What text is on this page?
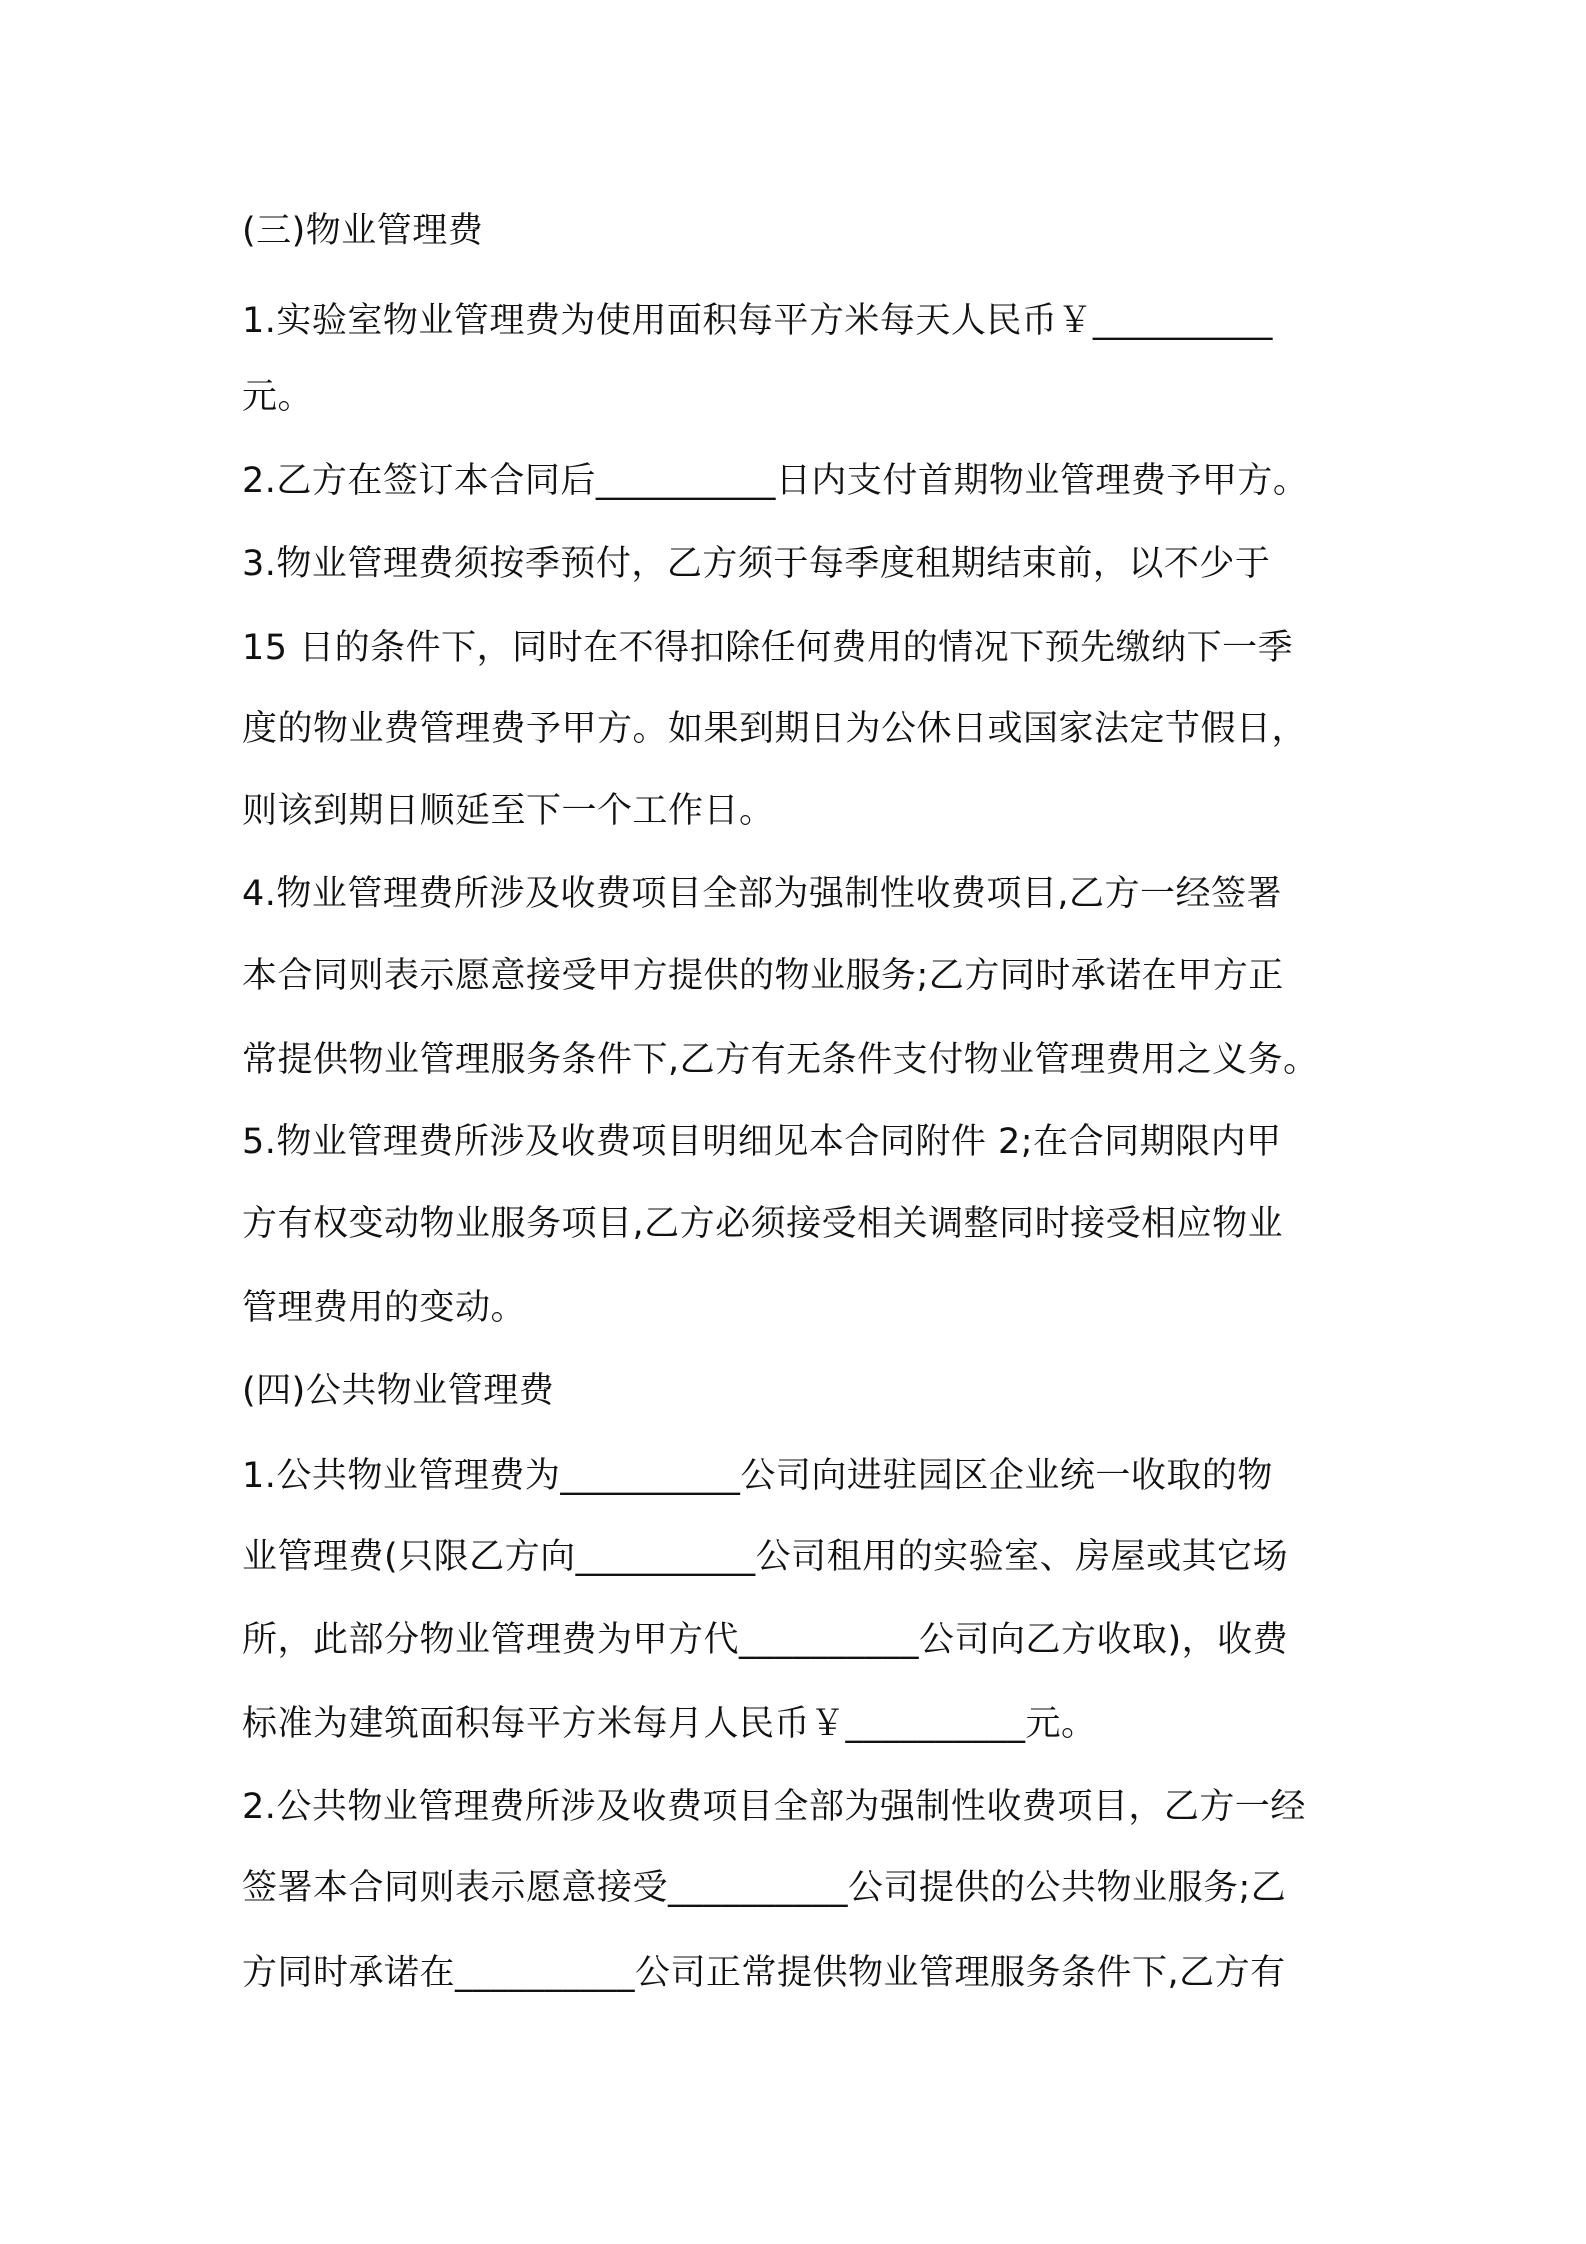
(三)物业管理费
1.实验室物业管理费为使用面积每平方米每天人民币￥__________
元。
2.乙方在签订本合同后__________日内支付首期物业管理费予甲方。
3.物业管理费须按季预付，乙方须于每季度租期结束前，以不少于
15 日的条件下，同时在不得扣除任何费用的情况下预先缴纳下一季
度的物业费管理费予甲方。如果到期日为公休日或国家法定节假日，
则该到期日顺延至下一个工作日。
4.物业管理费所涉及收费项目全部为强制性收费项目,乙方一经签署
本合同则表示愿意接受甲方提供的物业服务;乙方同时承诺在甲方正
常提供物业管理服务条件下,乙方有无条件支付物业管理费用之义务。
5.物业管理费所涉及收费项目明细见本合同附件 2;在合同期限内甲
方有权变动物业服务项目,乙方必须接受相关调整同时接受相应物业
管理费用的变动。
(四)公共物业管理费
1.公共物业管理费为__________公司向进驻园区企业统一收取的物
业管理费(只限乙方向__________公司租用的实验室、房屋或其它场
所，此部分物业管理费为甲方代__________公司向乙方收取)，收费
标准为建筑面积每平方米每月人民币￥__________元。
2.公共物业管理费所涉及收费项目全部为强制性收费项目，乙方一经
签署本合同则表示愿意接受__________公司提供的公共物业服务;乙
方同时承诺在__________公司正常提供物业管理服务条件下,乙方有
